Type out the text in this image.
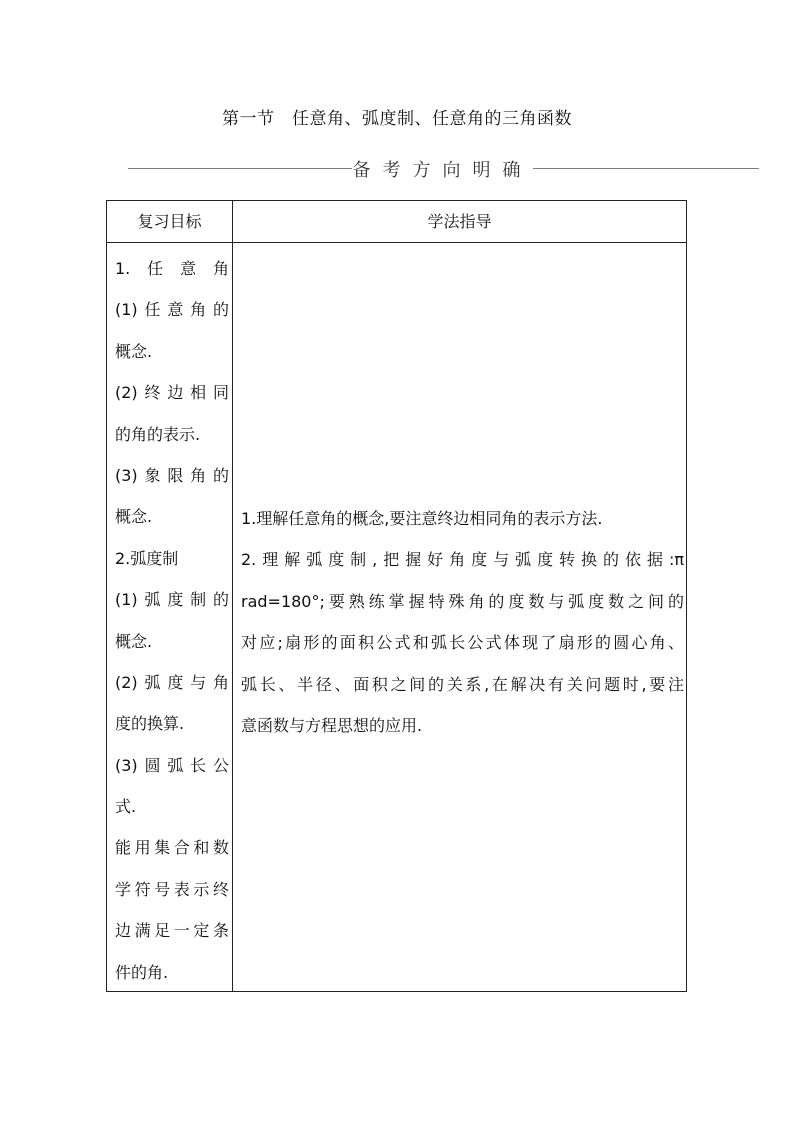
第一节　任意角、弧度制、任意角的三角函数
备考方向明确
复习目标	学法指导
1.任意角
(1)任意角的
概念.
(2)终边相同
的角的表示.
(3)象限角的
概念.
2.弧度制
(1)弧度制的
概念.
(2)弧度与角
度的换算.
(3)圆弧长公
式.
能用集合和数
学符号表示终
边满足一定条
件的角.
1.理解任意角的概念,要注意终边相同角的表示方法.
2.理解弧度制,把握好角度与弧度转换的依据:π
rad=180°;要熟练掌握特殊角的度数与弧度数之间的
对应;扇形的面积公式和弧长公式体现了扇形的圆心角、
弧长、半径、面积之间的关系,在解决有关问题时,要注
意函数与方程思想的应用.
